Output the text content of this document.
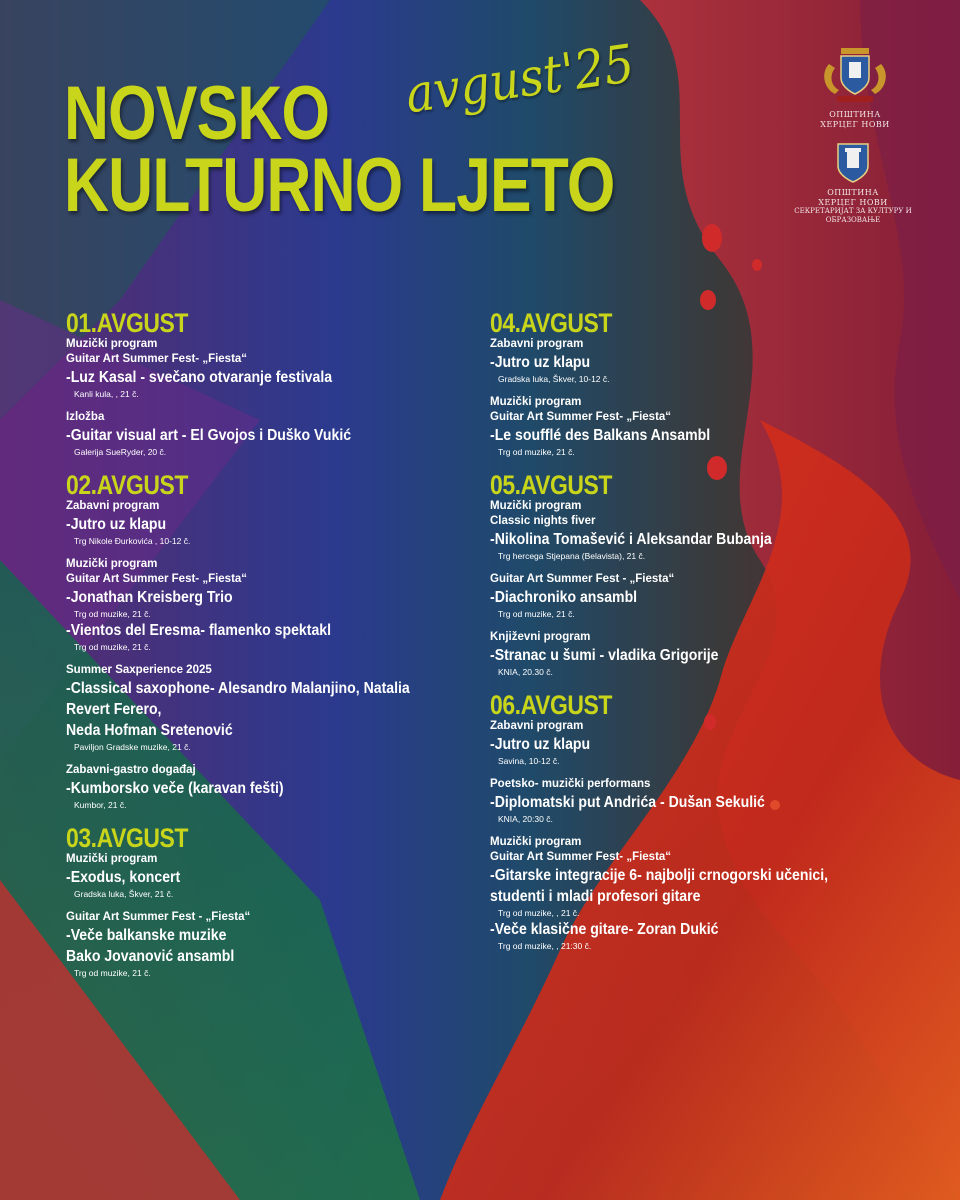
NOVSKO avgust'25
KULTURNO LJETO
ОПШТИНА
ХЕРЦЕГ НОВИ
ОПШТИНА
ХЕРЦЕГ НОВИ
СЕКРЕТАРИЈАТ ЗА КУЛТУРУ И ОБРАЗОВАЊЕ
01.AVGUST
Muzički program
Guitar Art Summer Fest- „Fiesta“
-Luz Kasal - svečano otvaranje festivala
Kanli kula, , 21 č.
Izložba
-Guitar visual art - El Gvojos i Duško Vukić
Galerija SueRyder, 20 č.
02.AVGUST
Zabavni program
-Jutro uz klapu
Trg Nikole Đurkovića , 10-12 č.
Muzički program
Guitar Art Summer Fest- „Fiesta“
-Jonathan Kreisberg Trio
Trg od muzike, 21 č.
-Vientos del Eresma- flamenko spektakl
Trg od muzike, 21 č.
Summer Saxperience 2025
-Classical saxophone- Alesandro Malanjino, Natalia
Revert Ferero,
Neda Hofman Sretenović
Paviljon Gradske muzike, 21 č.
Zabavni-gastro događaj
-Kumborsko veče (karavan fešti)
Kumbor, 21 č.
03.AVGUST
Muzički program
-Exodus, koncert
Gradska luka, Škver, 21 č.
Guitar Art Summer Fest - „Fiesta“
-Veče balkanske muzike
Bako Jovanović ansambl
Trg od muzike, 21 č.
04.AVGUST
Zabavni program
-Jutro uz klapu
Gradska luka, Škver, 10-12 č.
Muzički program
Guitar Art Summer Fest- „Fiesta“
-Le soufflé des Balkans Ansambl
Trg od muzike, 21 č.
05.AVGUST
Muzički program
Classic nights fiver
-Nikolina Tomašević i Aleksandar Bubanja
Trg hercega Stjepana (Belavista), 21 č.
Guitar Art Summer Fest - „Fiesta“
-Diachroniko ansambl
Trg od muzike, 21 č.
Književni program
-Stranac u šumi - vladika Grigorije
KNIA, 20.30 č.
06.AVGUST
Zabavni program
-Jutro uz klapu
Savina, 10-12 č.
Poetsko- muzički performans
-Diplomatski put Andrića - Dušan Sekulić
KNIA, 20:30 č.
Muzički program
Guitar Art Summer Fest- „Fiesta“
-Gitarske integracije 6- najbolji crnogorski učenici,
studenti i mladi profesori gitare
Trg od muzike, , 21 č.
-Veče klasične gitare- Zoran Dukić
Trg od muzike, , 21:30 č.
